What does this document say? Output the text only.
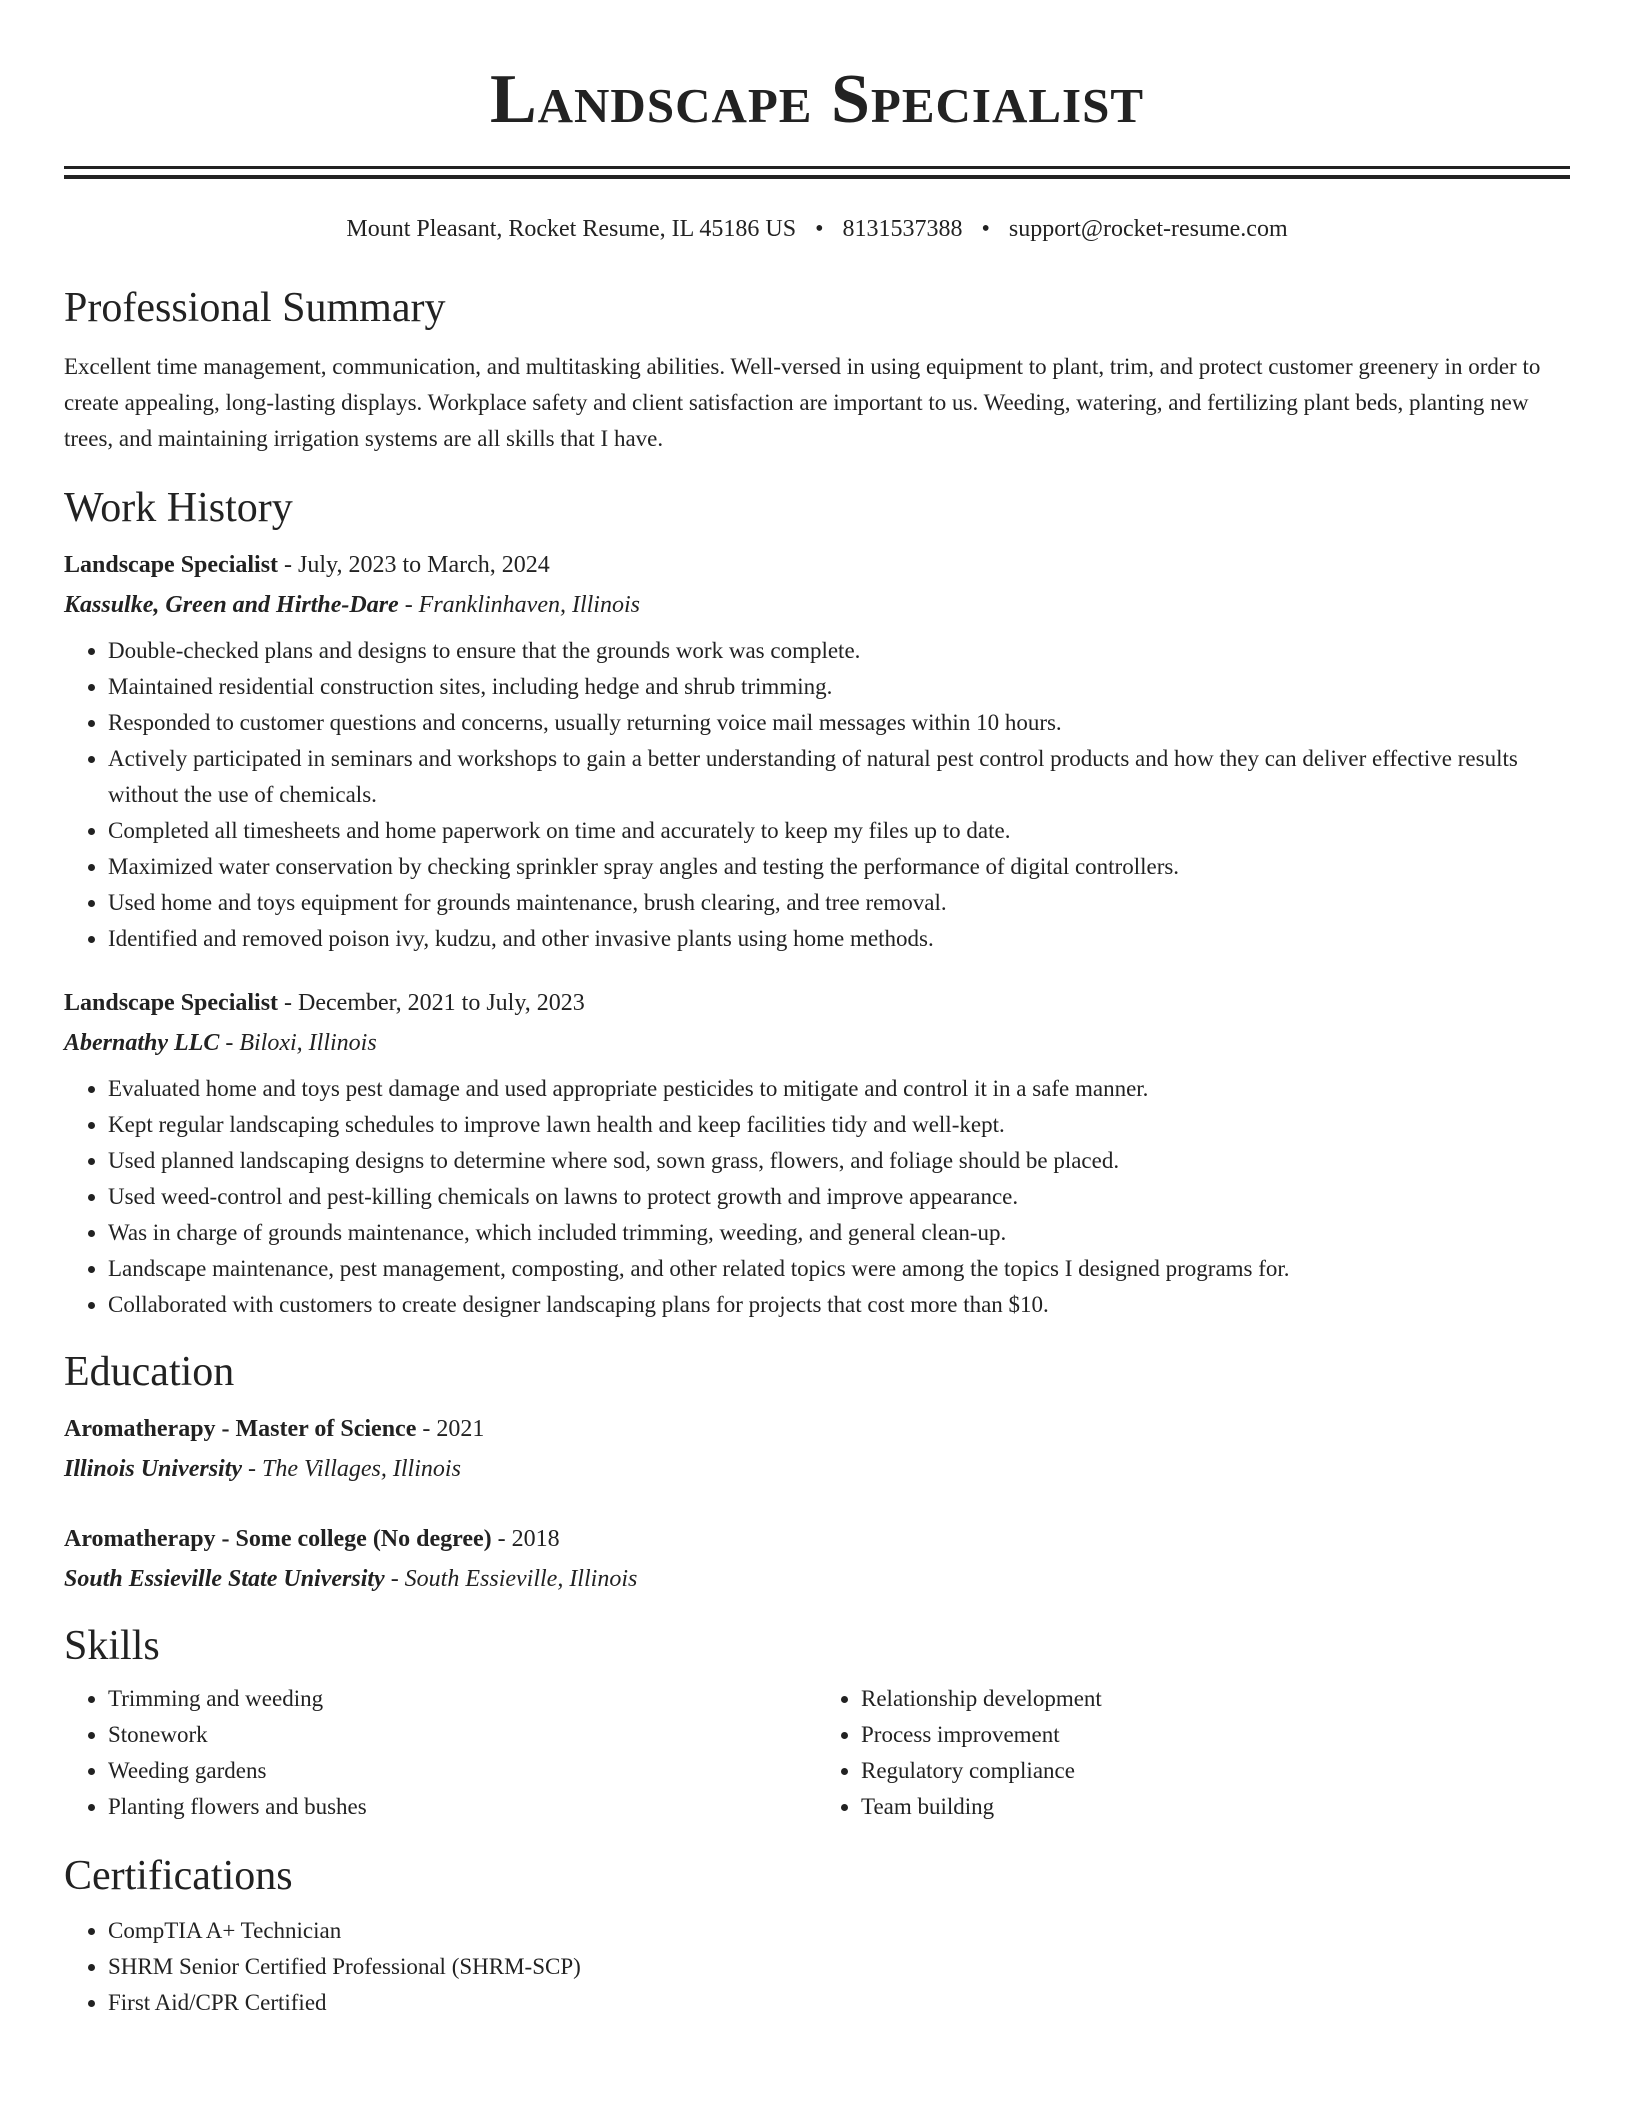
Landscape Specialist
Mount Pleasant, Rocket Resume, IL 45186 US • 8131537388 • support@rocket-resume.com
Professional Summary

Excellent time management, communication, and multitasking abilities. Well-versed in using equipment to plant, trim, and protect customer greenery in order to create appealing, long-lasting displays. Workplace safety and client satisfaction are important to us. Weeding, watering, and fertilizing plant beds, planting new trees, and maintaining irrigation systems are all skills that I have.

Work History
Landscape Specialist - July, 2023 to March, 2024
Kassulke, Green and Hirthe-Dare - Franklinhaven, Illinois
• Double-checked plans and designs to ensure that the grounds work was complete.
• Maintained residential construction sites, including hedge and shrub trimming.
• Responded to customer questions and concerns, usually returning voice mail messages within 10 hours.
• Actively participated in seminars and workshops to gain a better understanding of natural pest control products and how they can deliver effective results without the use of chemicals.
• Completed all timesheets and home paperwork on time and accurately to keep my files up to date.
• Maximized water conservation by checking sprinkler spray angles and testing the performance of digital controllers.
• Used home and toys equipment for grounds maintenance, brush clearing, and tree removal.
• Identified and removed poison ivy, kudzu, and other invasive plants using home methods.
Landscape Specialist - December, 2021 to July, 2023
Abernathy LLC - Biloxi, Illinois
• Evaluated home and toys pest damage and used appropriate pesticides to mitigate and control it in a safe manner.
• Kept regular landscaping schedules to improve lawn health and keep facilities tidy and well-kept.
• Used planned landscaping designs to determine where sod, sown grass, flowers, and foliage should be placed.
• Used weed-control and pest-killing chemicals on lawns to protect growth and improve appearance.
• Was in charge of grounds maintenance, which included trimming, weeding, and general clean-up.
• Landscape maintenance, pest management, composting, and other related topics were among the topics I designed programs for.
• Collaborated with customers to create designer landscaping plans for projects that cost more than $10.
Education
Aromatherapy - Master of Science - 2021
Illinois University - The Villages, Illinois
Aromatherapy - Some college (No degree) - 2018
South Essieville State University - South Essieville, Illinois
Skills
• Trimming and weeding
• Stonework
• Weeding gardens
• Planting flowers and bushes
• Relationship development
• Process improvement
• Regulatory compliance
• Team building
Certifications
• CompTIA A+ Technician
• SHRM Senior Certified Professional (SHRM-SCP)
• First Aid/CPR Certified
